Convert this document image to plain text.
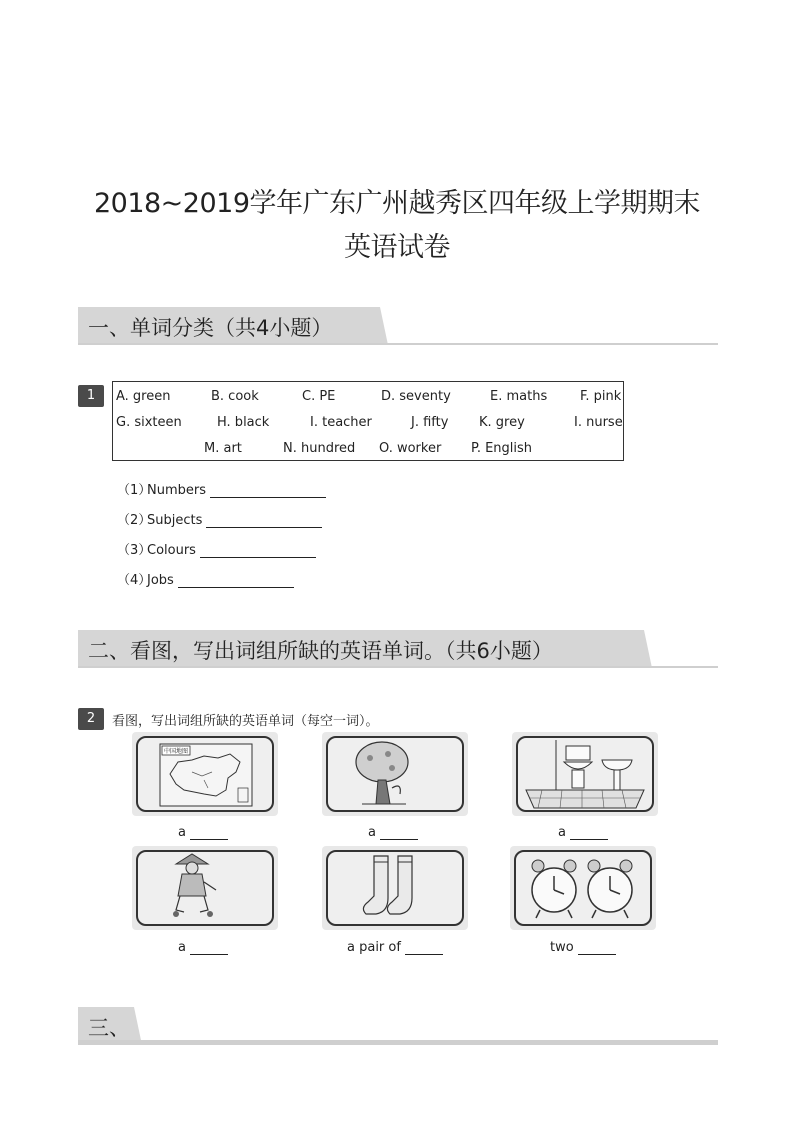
2018~2019学年广东广州越秀区四年级上学期期末
英语试卷
一、单词分类（共4小题）
1	A. green	B. cook	C. PE	D. seventy	E. maths	F. pink
G. sixteen	H. black	I. teacher	J. fifty K. grey	I. nurse
M. art	N. hundred O. worker P. English
（1）Numbers
（2）Subjects
（3）Colours
（4）Jobs
二、看图，写出词组所缺的英语单词。（共6小题）
2	看图，写出词组所缺的英语单词（每空一词）。
中国地图
a	a	a
a	a pair of	two
三、
